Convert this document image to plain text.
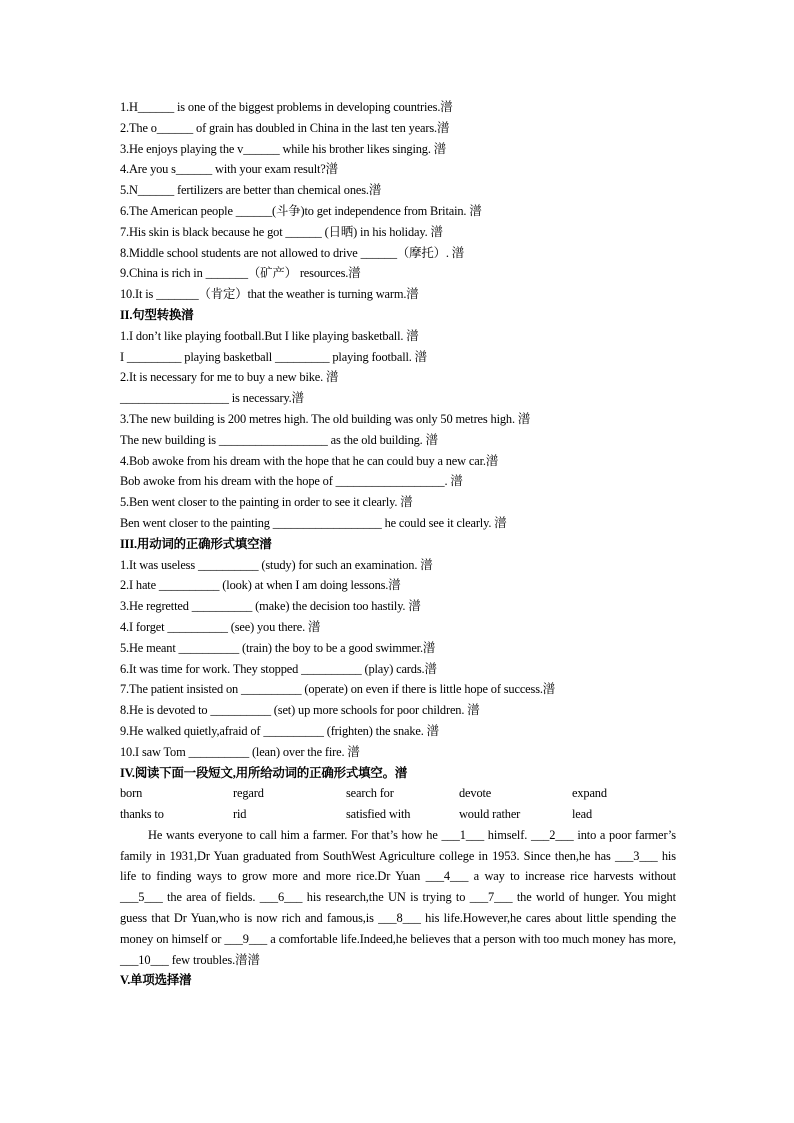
1.H______ is one of the biggest problems in developing countries.潽
2.The o______ of grain has doubled in China in the last ten years.潽
3.He enjoys playing the v______ while his brother likes singing. 潽
4.Are you s______ with your exam result?潽
5.N______ fertilizers are better than chemical ones.潽
6.The American people ______(斗争)to get independence from Britain. 潽
7.His skin is black because he got ______ (日晒) in his holiday. 潽
8.Middle school students are not allowed to drive ______（摩托）. 潽
9.China is rich in _______（矿产） resources.潽
10.It is _______（肯定）that the weather is turning warm.潽
II.句型转换潽
1.I don’t like playing football.But I like playing basketball. 潽
I _________ playing basketball _________ playing football. 潽
2.It is necessary for me to buy a new bike. 潽
__________________ is necessary.潽
3.The new building is 200 metres high. The old building was only 50 metres high. 潽
The new building is __________________ as the old building. 潽
4.Bob awoke from his dream with the hope that he can could buy a new car.潽
Bob awoke from his dream with the hope of __________________. 潽
5.Ben went closer to the painting in order to see it clearly. 潽
Ben went closer to the painting __________________ he could see it clearly. 潽
III.用动词的正确形式填空潽
1.It was useless __________ (study) for such an examination. 潽
2.I hate __________ (look) at when I am doing lessons.潽
3.He regretted __________ (make) the decision too hastily. 潽
4.I forget __________ (see) you there. 潽
5.He meant __________ (train) the boy to be a good swimmer.潽
6.It was time for work. They stopped __________ (play) cards.潽
7.The patient insisted on __________ (operate) on even if there is little hope of success.潽
8.He is devoted to __________ (set) up more schools for poor children. 潽
9.He walked quietly,afraid of __________ (frighten) the snake. 潽
10.I saw Tom __________ (lean) over the fire. 潽
IV.阅读下面一段短文,用所给动词的正确形式填空。潽
born	regard	search for	devote	expand
thanks to	rid	satisfied with	would rather	lead
He wants everyone to call him a farmer. For that’s how he ___1___ himself. ___2___ into a poor farmer’s family in 1931,Dr Yuan graduated from SouthWest Agriculture college in 1953. Since then,he has ___3___ his life to finding ways to grow more and more rice.Dr Yuan ___4___ a way to increase rice harvests without ___5___ the area of fields. ___6___ his research,the UN is trying to ___7___ the world of hunger. You might guess that Dr Yuan,who is now rich and famous,is ___8___ his life.However,he cares about little spending the money on himself or ___9___ a comfortable life.Indeed,he believes that a person with too much money has more, ___10___ few troubles.潽潽
V.单项选择潽
